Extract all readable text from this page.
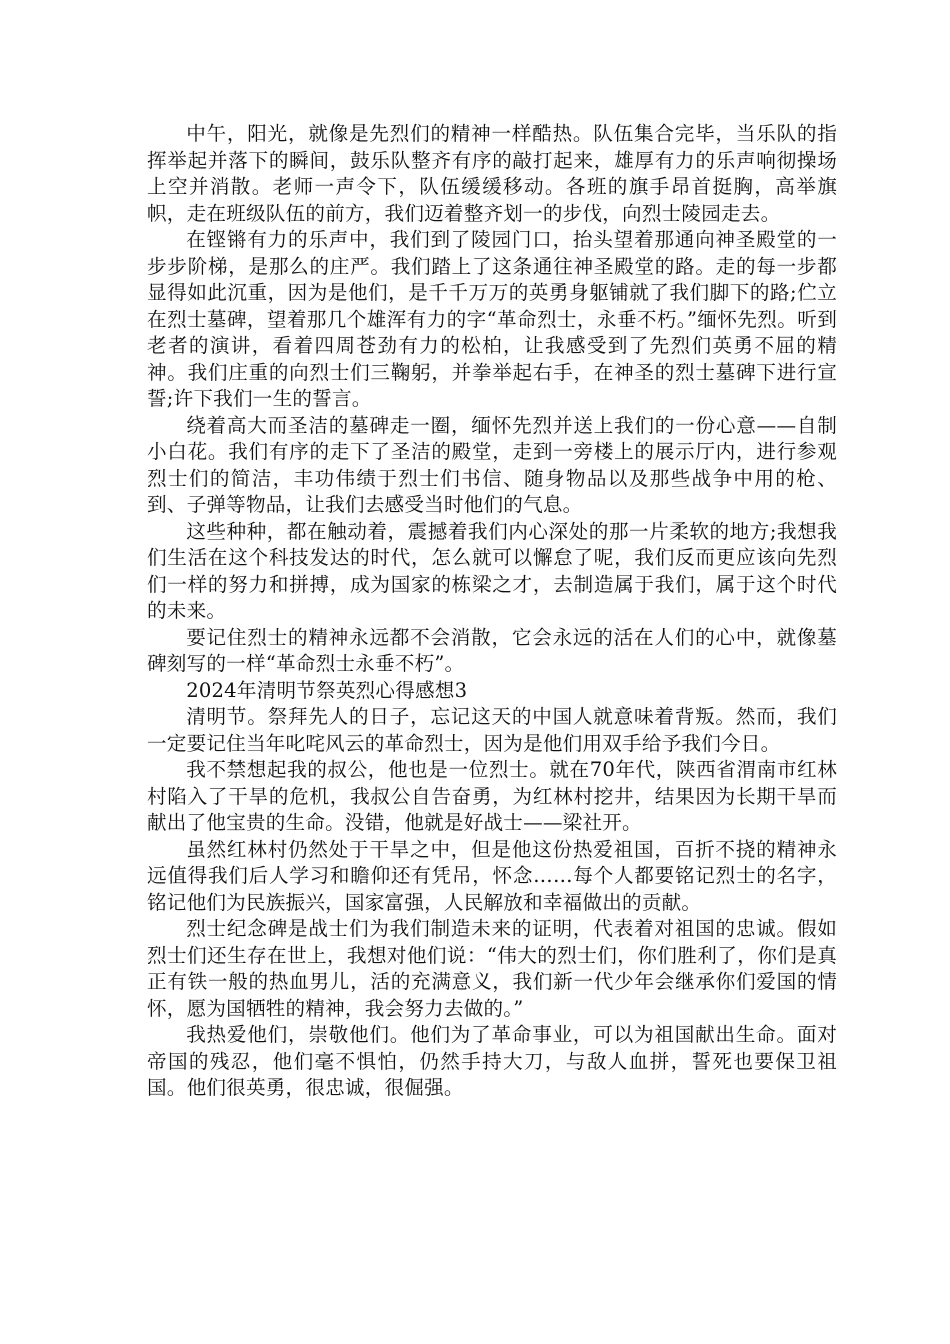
中午，阳光，就像是先烈们的精神一样酷热。队伍集合完毕，当乐队的指挥举起并落下的瞬间，鼓乐队整齐有序的敲打起来，雄厚有力的乐声响彻操场上空并消散。老师一声令下，队伍缓缓移动。各班的旗手昂首挺胸，高举旗帜，走在班级队伍的前方，我们迈着整齐划一的步伐，向烈士陵园走去。

在铿锵有力的乐声中，我们到了陵园门口，抬头望着那通向神圣殿堂的一步步阶梯，是那么的庄严。我们踏上了这条通往神圣殿堂的路。走的每一步都显得如此沉重，因为是他们，是千千万万的英勇身躯铺就了我们脚下的路;伫立在烈士墓碑，望着那几个雄浑有力的字“革命烈士，永垂不朽。”缅怀先烈。听到老者的演讲，看着四周苍劲有力的松柏，让我感受到了先烈们英勇不屈的精神。我们庄重的向烈士们三鞠躬，并拳举起右手，在神圣的烈士墓碑下进行宣誓;许下我们一生的誓言。

绕着高大而圣洁的墓碑走一圈，缅怀先烈并送上我们的一份心意——自制小白花。我们有序的走下了圣洁的殿堂，走到一旁楼上的展示厅内，进行参观烈士们的简洁，丰功伟绩于烈士们书信、随身物品以及那些战争中用的枪、到、子弹等物品，让我们去感受当时他们的气息。

这些种种，都在触动着，震撼着我们内心深处的那一片柔软的地方;我想我们生活在这个科技发达的时代，怎么就可以懈怠了呢，我们反而更应该向先烈们一样的努力和拼搏，成为国家的栋梁之才，去制造属于我们，属于这个时代的未来。

要记住烈士的精神永远都不会消散，它会永远的活在人们的心中，就像墓碑刻写的一样“革命烈士永垂不朽”。

2024年清明节祭英烈心得感想3

清明节。祭拜先人的日子，忘记这天的中国人就意味着背叛。然而，我们一定要记住当年叱咤风云的革命烈士，因为是他们用双手给予我们今日。

我不禁想起我的叔公，他也是一位烈士。就在70年代，陕西省渭南市红林村陷入了干旱的危机，我叔公自告奋勇，为红林村挖井，结果因为长期干旱而献出了他宝贵的生命。没错，他就是好战士——梁社开。

虽然红林村仍然处于干旱之中，但是他这份热爱祖国，百折不挠的精神永远值得我们后人学习和瞻仰还有凭吊，怀念……每个人都要铭记烈士的名字，铭记他们为民族振兴，国家富强，人民解放和幸福做出的贡献。

烈士纪念碑是战士们为我们制造未来的证明，代表着对祖国的忠诚。假如烈士们还生存在世上，我想对他们说：“伟大的烈士们，你们胜利了，你们是真正有铁一般的热血男儿，活的充满意义，我们新一代少年会继承你们爱国的情怀，愿为国牺牲的精神，我会努力去做的。”

我热爱他们，崇敬他们。他们为了革命事业，可以为祖国献出生命。面对帝国的残忍，他们毫不惧怕，仍然手持大刀，与敌人血拼，誓死也要保卫祖国。他们很英勇，很忠诚，很倔强。
